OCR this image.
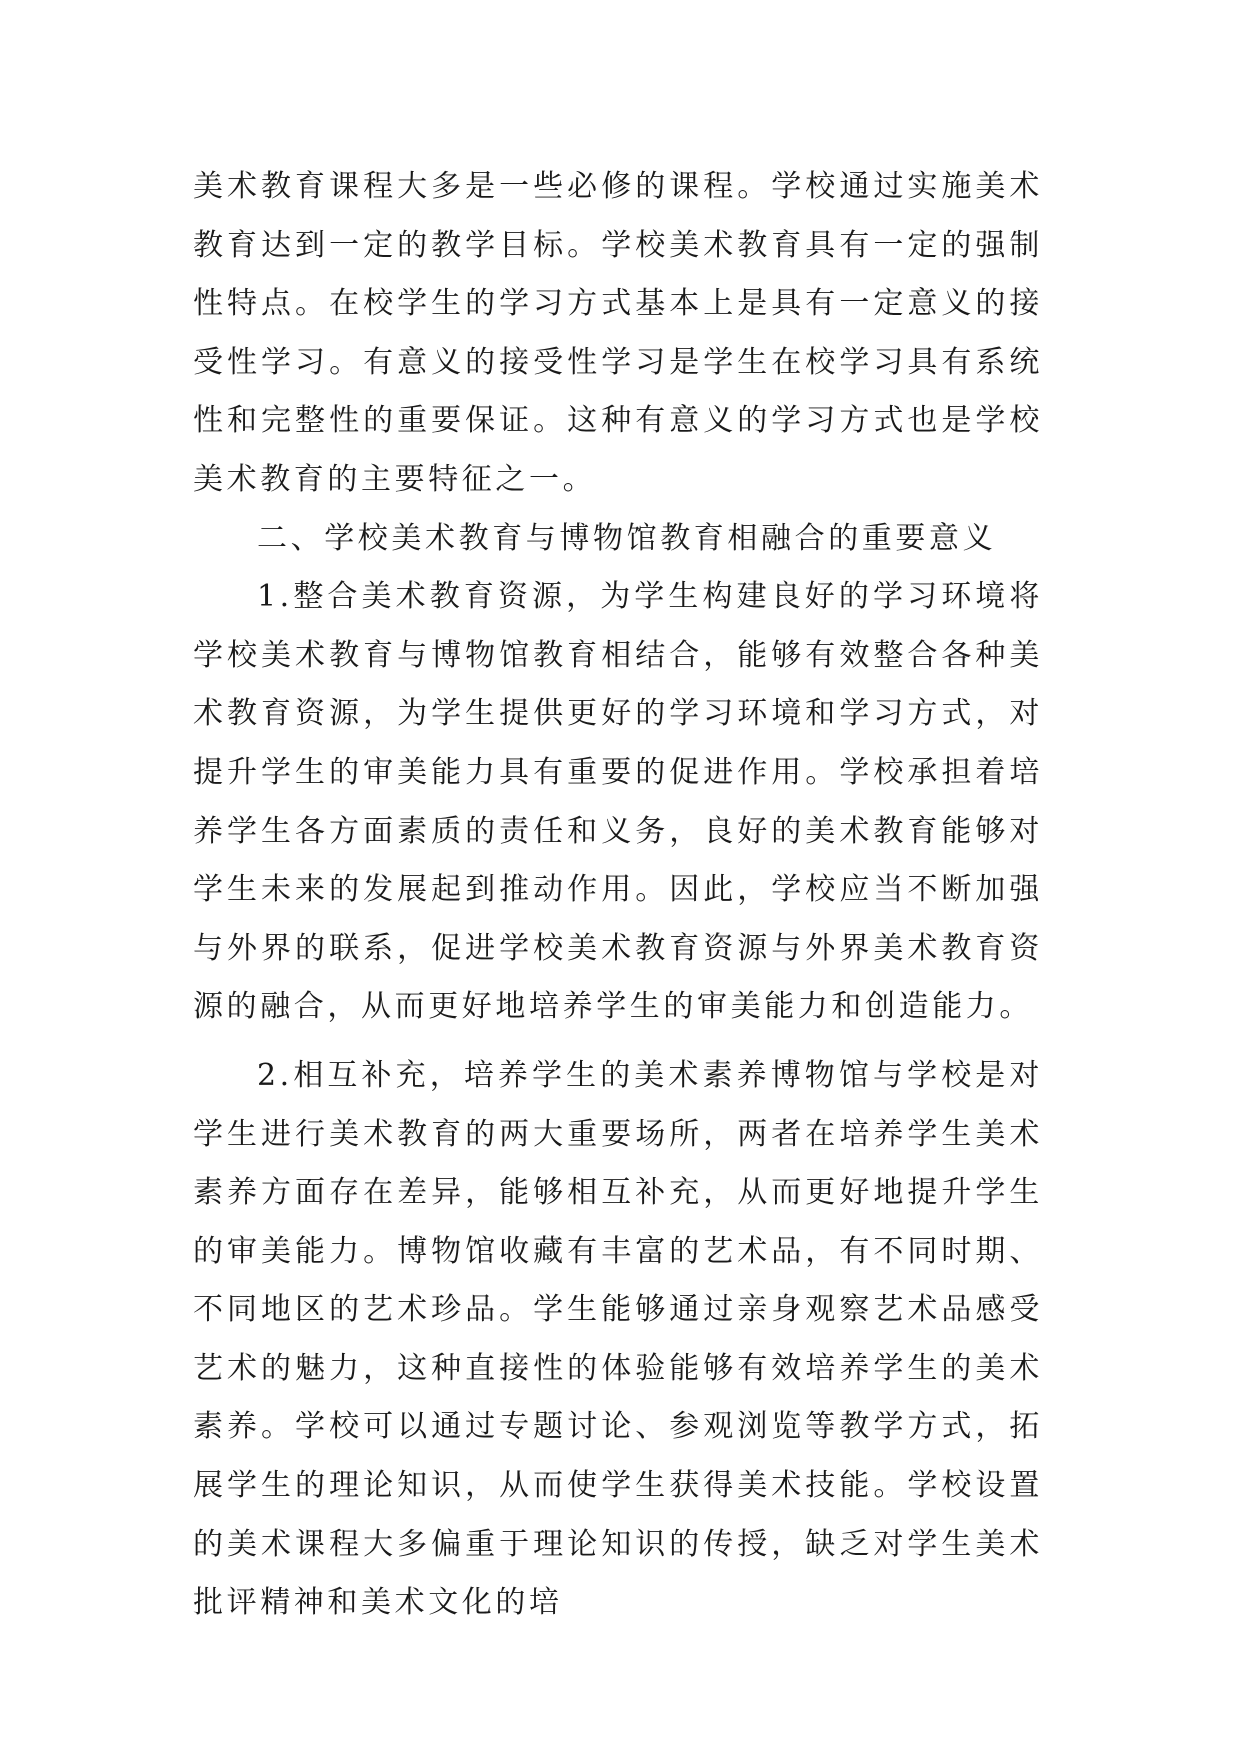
美术教育课程大多是一些必修的课程。学校通过实施美术教育达到一定的教学目标。学校美术教育具有一定的强制性特点。在校学生的学习方式基本上是具有一定意义的接受性学习。有意义的接受性学习是学生在校学习具有系统性和完整性的重要保证。这种有意义的学习方式也是学校美术教育的主要特征之一。

二、学校美术教育与博物馆教育相融合的重要意义

1.整合美术教育资源，为学生构建良好的学习环境将学校美术教育与博物馆教育相结合，能够有效整合各种美术教育资源，为学生提供更好的学习环境和学习方式，对提升学生的审美能力具有重要的促进作用。学校承担着培养学生各方面素质的责任和义务，良好的美术教育能够对学生未来的发展起到推动作用。因此，学校应当不断加强与外界的联系，促进学校美术教育资源与外界美术教育资源的融合，从而更好地培养学生的审美能力和创造能力。

2.相互补充，培养学生的美术素养博物馆与学校是对学生进行美术教育的两大重要场所，两者在培养学生美术素养方面存在差异，能够相互补充，从而更好地提升学生的审美能力。博物馆收藏有丰富的艺术品，有不同时期、不同地区的艺术珍品。学生能够通过亲身观察艺术品感受艺术的魅力，这种直接性的体验能够有效培养学生的美术素养。学校可以通过专题讨论、参观浏览等教学方式，拓展学生的理论知识，从而使学生获得美术技能。学校设置的美术课程大多偏重于理论知识的传授，缺乏对学生美术批评精神和美术文化的培
